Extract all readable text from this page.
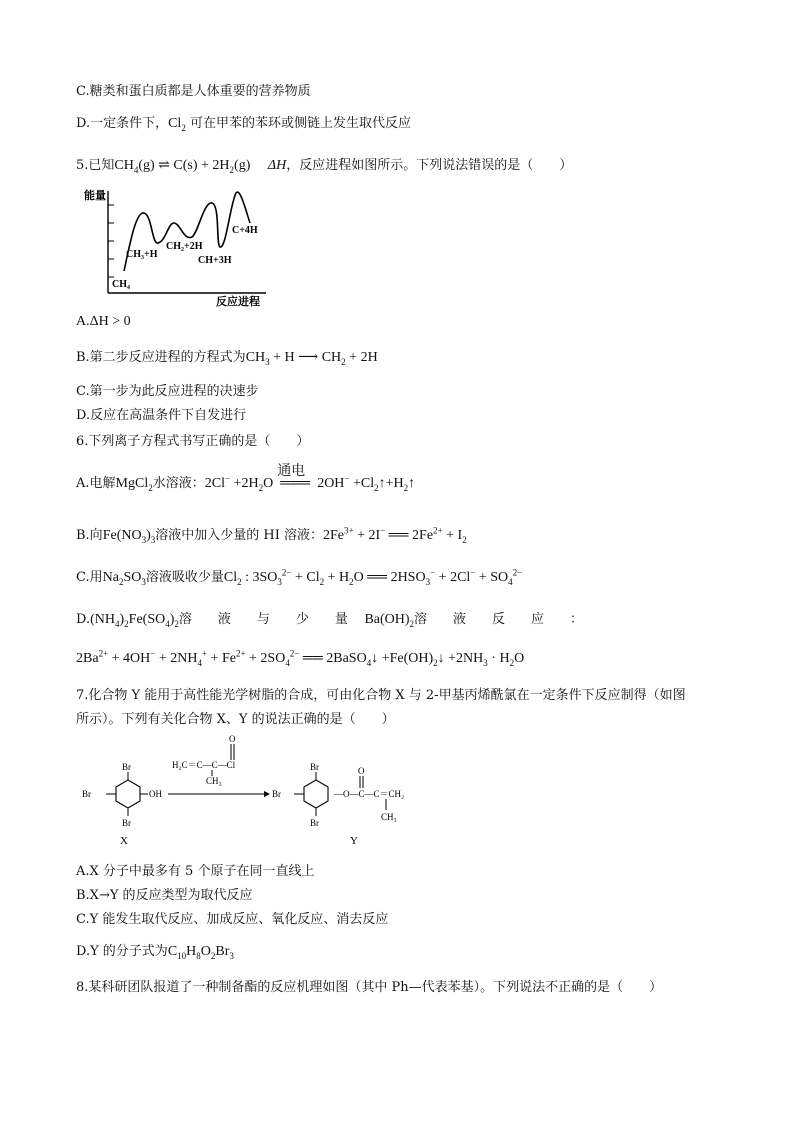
C.糖类和蛋白质都是人体重要的营养物质
D.一定条件下，$Cl_2$ 可在甲苯的苯环或侧链上发生取代反应
5.已知$CH_4(g)$ ⇌ $C(s) + 2H_2(g)$     ΔH，反应进程如图所示。下列说法错误的是（　　）
能量
CH₄
CH₃+H
CH₂+2H
CH+3H
C+4H
反应进程
A.ΔH > 0
B.第二步反应进程的方程式为$CH_3 + H$ ⟶ $CH_2 + 2H$
C.第一步为此反应进程的决速步
D.反应在高温条件下自发进行
6.下列离子方程式书写正确的是（　　）
A.电解MgCl$_2$水溶液：$2Cl^- +2H_2O$
通电
═══ $2OH^- +Cl_2↑+H_2↑$
B.向$Fe(NO_3)_3$溶液中加入少量的 HI 溶液：$2Fe^{3+} + 2I^-$ ══ $2Fe^{2+} + I_2$
C.用$Na_2SO_3$溶液吸收少量$Cl_2$ : $3SO_3^{2-} + Cl_2 + H_2O$ ══ $2HSO_3^- + 2Cl^- + SO_4^{2-}$
$D.(NH_4)_2Fe(SO_4)_2$溶　　液　　与　　少　　量 $Ba(OH)_2$溶　　液　　反　　应　　：
$2Ba^{2+} + 4OH^- + 2NH_4^+ + Fe^{2+} + 2SO_4^{2-}$ ══ 2BaSO$_4$↓ $+Fe(OH)_2↓ +2NH_3 \cdot H_2O$
7.化合物 Y 能用于高性能光学树脂的合成，可由化合物 X 与 2-甲基丙烯酰氯在一定条件下反应制得（如图
所示）。下列有关化合物 X、Y 的说法正确的是（　　）
Br
Br
Br
OH
X
H₂C＝C—C—Cl
O
CH₃
Br
Br
Br
—O—C—C＝CH₂
O
CH₃
Y
A.X 分子中最多有 5 个原子在同一直线上
B.X→Y 的反应类型为取代反应
C.Y 能发生取代反应、加成反应、氧化反应、消去反应
D.Y 的分子式为$C_{10}H_8O_2Br_3$
8.某科研团队报道了一种制备酯的反应机理如图（其中 Ph—代表苯基）。下列说法不正确的是（　　）
